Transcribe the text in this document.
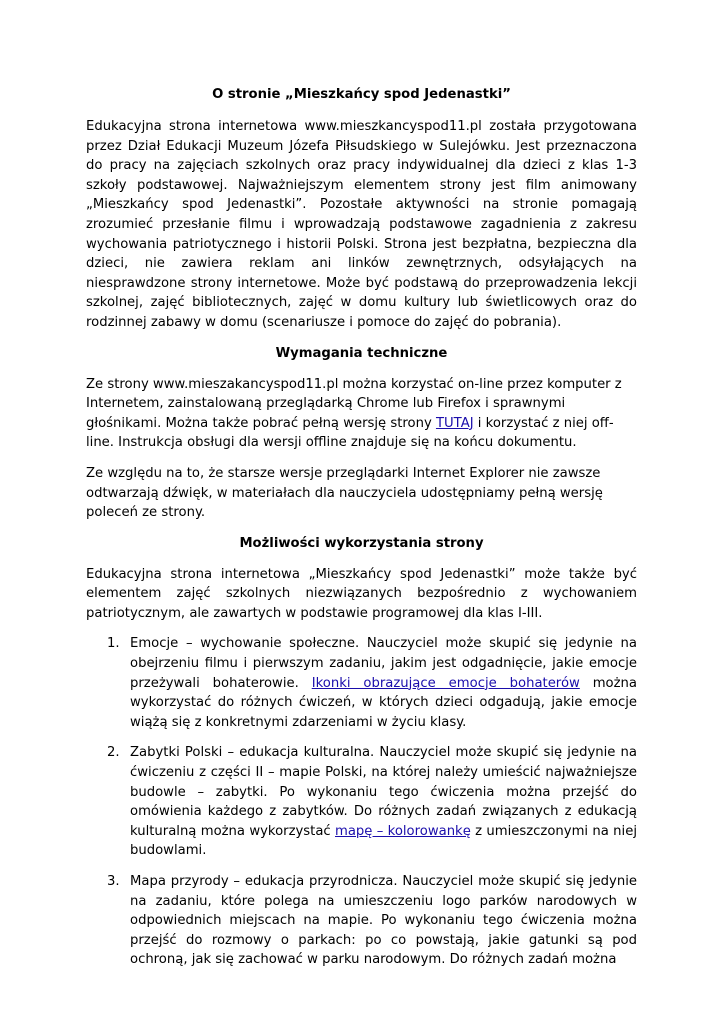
O stronie „Mieszkańcy spod Jedenastki”

Edukacyjna strona internetowa www.mieszkancyspod11.pl została przygotowana przez Dział Edukacji Muzeum Józefa Piłsudskiego w Sulejówku. Jest przeznaczona do pracy na zajęciach szkolnych oraz pracy indywidualnej dla dzieci z klas 1-3 szkoły podstawowej. Najważniejszym elementem strony jest film animowany „Mieszkańcy spod Jedenastki”. Pozostałe aktywności na stronie pomagają zrozumieć przesłanie filmu i wprowadzają podstawowe zagadnienia z zakresu wychowania patriotycznego i historii Polski. Strona jest bezpłatna, bezpieczna dla dzieci, nie zawiera reklam ani linków zewnętrznych, odsyłających na niesprawdzone strony internetowe. Może być podstawą do przeprowadzenia lekcji szkolnej, zajęć bibliotecznych, zajęć w domu kultury lub świetlicowych oraz do rodzinnej zabawy w domu (scenariusze i pomoce do zajęć do pobrania).

Wymagania techniczne

Ze strony www.mieszakancyspod11.pl można korzystać on-line przez komputer z Internetem, zainstalowaną przeglądarką Chrome lub Firefox i sprawnymi głośnikami. Można także pobrać pełną wersję strony TUTAJ i korzystać z niej off-line. Instrukcja obsługi dla wersji offline znajduje się na końcu dokumentu.

Ze względu na to, że starsze wersje przeglądarki Internet Explorer nie zawsze odtwarzają dźwięk, w materiałach dla nauczyciela udostępniamy pełną wersję poleceń ze strony.

Możliwości wykorzystania strony

Edukacyjna strona internetowa „Mieszkańcy spod Jedenastki” może także być elementem zajęć szkolnych niezwiązanych bezpośrednio z wychowaniem patriotycznym, ale zawartych w podstawie programowej dla klas I-III.

1. Emocje – wychowanie społeczne. Nauczyciel może skupić się jedynie na obejrzeniu filmu i pierwszym zadaniu, jakim jest odgadnięcie, jakie emocje przeżywali bohaterowie. Ikonki obrazujące emocje bohaterów można wykorzystać do różnych ćwiczeń, w których dzieci odgadują, jakie emocje wiążą się z konkretnymi zdarzeniami w życiu klasy.
2. Zabytki Polski – edukacja kulturalna. Nauczyciel może skupić się jedynie na ćwiczeniu z części II – mapie Polski, na której należy umieścić najważniejsze budowle – zabytki. Po wykonaniu tego ćwiczenia można przejść do omówienia każdego z zabytków. Do różnych zadań związanych z edukacją kulturalną można wykorzystać mapę – kolorowankę z umieszczonymi na niej budowlami.
3. Mapa przyrody – edukacja przyrodnicza. Nauczyciel może skupić się jedynie na zadaniu, które polega na umieszczeniu logo parków narodowych w odpowiednich miejscach na mapie. Po wykonaniu tego ćwiczenia można przejść do rozmowy o parkach: po co powstają, jakie gatunki są pod ochroną, jak się zachować w parku narodowym. Do różnych zadań można
